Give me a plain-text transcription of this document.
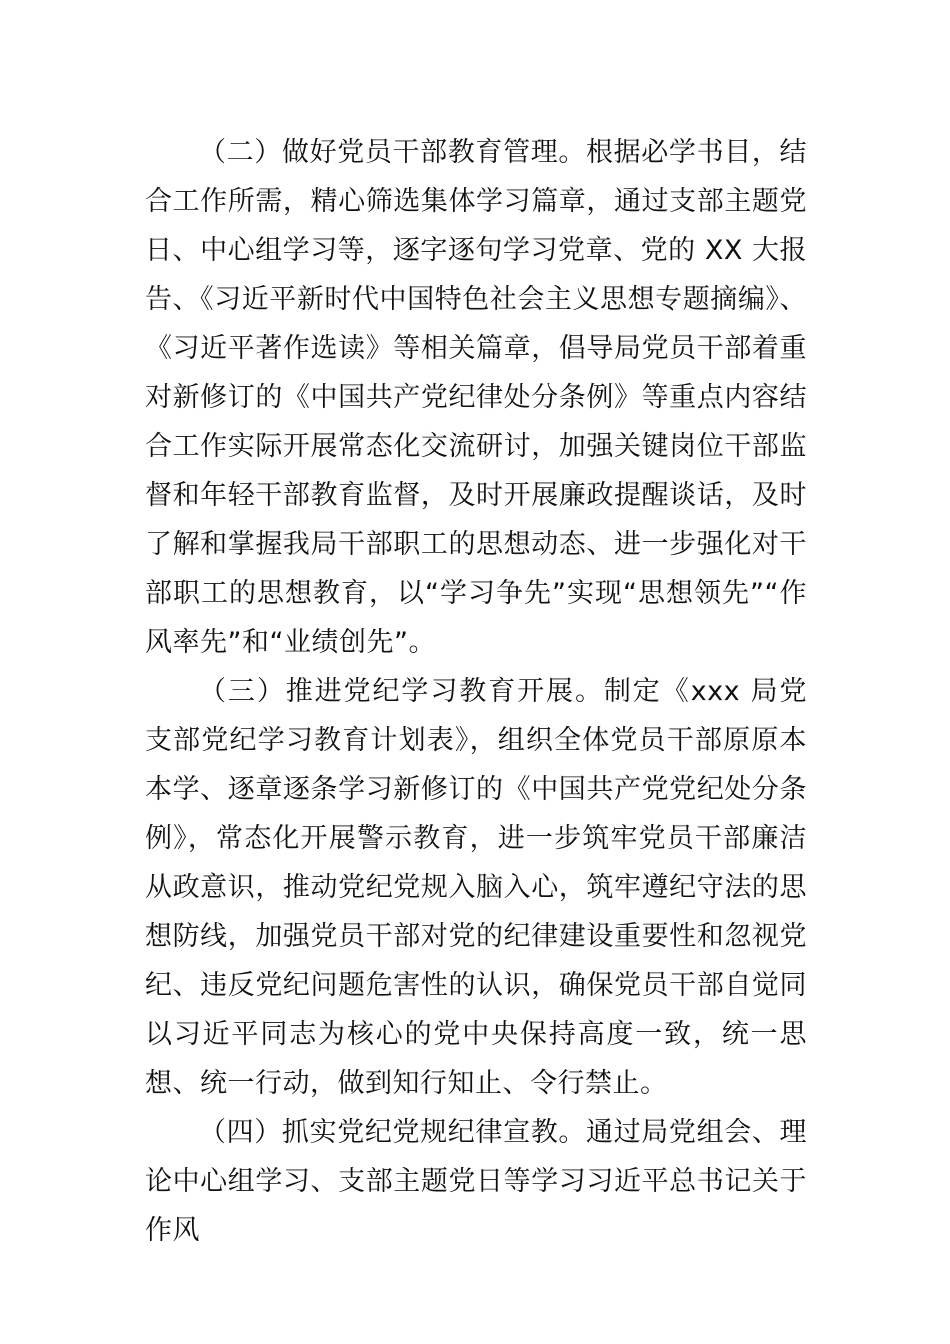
（二）做好党员干部教育管理。根据必学书目，结合工作所需，精心筛选集体学习篇章，通过支部主题党日、中心组学习等，逐字逐句学习党章、党的 XX 大报告、《习近平新时代中国特色社会主义思想专题摘编》、《习近平著作选读》等相关篇章，倡导局党员干部着重对新修订的《中国共产党纪律处分条例》等重点内容结合工作实际开展常态化交流研讨，加强关键岗位干部监督和年轻干部教育监督，及时开展廉政提醒谈话，及时了解和掌握我局干部职工的思想动态、进一步强化对干部职工的思想教育，以“学习争先”实现“思想领先”“作风率先”和“业绩创先”。

（三）推进党纪学习教育开展。制定《xxx 局党支部党纪学习教育计划表》，组织全体党员干部原原本本学、逐章逐条学习新修订的《中国共产党党纪处分条例》，常态化开展警示教育，进一步筑牢党员干部廉洁从政意识，推动党纪党规入脑入心，筑牢遵纪守法的思想防线，加强党员干部对党的纪律建设重要性和忽视党纪、违反党纪问题危害性的认识，确保党员干部自觉同以习近平同志为核心的党中央保持高度一致，统一思想、统一行动，做到知行知止、令行禁止。

（四）抓实党纪党规纪律宣教。通过局党组会、理论中心组学习、支部主题党日等学习习近平总书记关于作风
